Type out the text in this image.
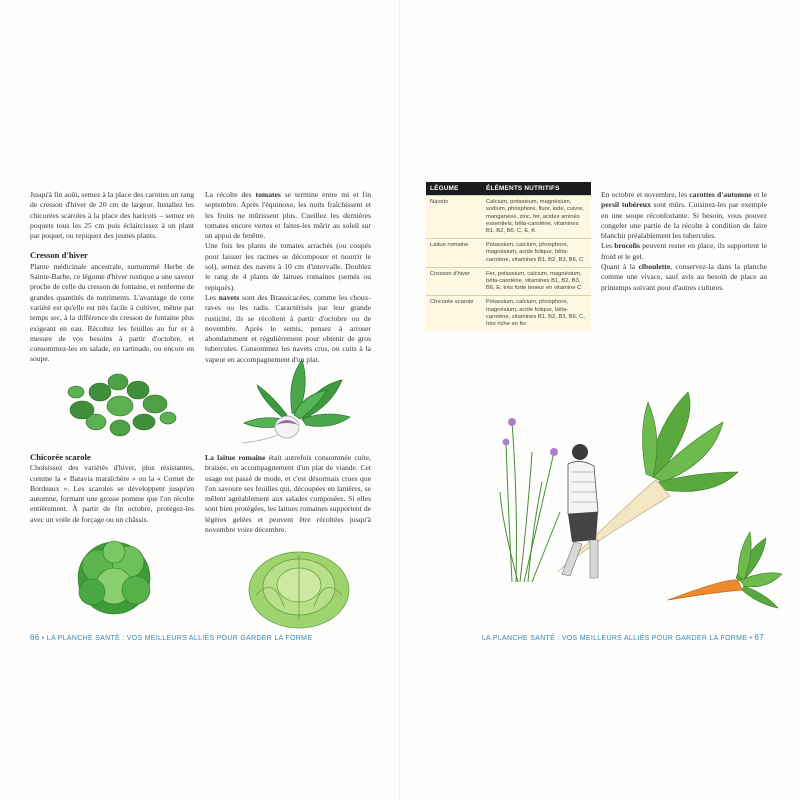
Jusqu'à fin août, semez à la place des carottes un rang de cresson d'hiver de 20 cm de largeur. Installez les chicorées scaroles à la place des haricots – semez en poquets tous les 25 cm puis éclaircissez à un plant par poquet, ou repiquez des jeunes plants.

Cresson d'hiver

Plante médicinale ancestrale, surnommé Herbe de Sainte-Barbe, ce légume d'hiver rustique a une saveur proche de celle du cresson de fontaine, et renferme de grandes quantités de nutriments. L'avantage de cette variété est qu'elle est très facile à cultiver, même par temps sec, à la différence du cresson de fontaine plus exigeant en eau. Récoltez les feuilles au fur et à mesure de vos besoins à partir d'octobre, et consommez-les en salade, en tartinade, ou encore en soupe.

La récolte des tomates se termine entre mi et fin septembre. Après l'équinoxe, les nuits fraîchissent et les fruits ne mûrissent plus. Cueillez les dernières tomates encore vertes et faites-les mûrir au soleil sur un appui de fenêtre.

Une fois les plants de tomates arrachés (ou coupés pour laisser les racines se décomposer et nourrir le sol), semez des navets à 10 cm d'intervalle. Doublez le rang de 4 plants de laitues romaines (semés ou repiqués).

Les navets sont des Brassicacées, comme les choux-raves ou les radis. Caractérisés par leur grande rusticité, ils se récoltent à partir d'octobre ou de novembre. Après le semis, pensez à arroser abondamment et régulièrement pour obtenir de gros tubercules. Consommez les navets crus, ou cuits à la vapeur en accompagnement d'un plat.

Chicorée scarole

Choisissez des variétés d'hiver, plus résistantes, comme la « Batavia maraîchère » ou la « Cornet de Bordeaux ». Les scaroles se développent jusqu'en automne, formant une grosse pomme que l'on récolte entièrement. À partir de fin octobre, protégez-les avec un voile de forçage ou un châssis.

La laitue romaine était autrefois consommée cuite, braisée, en accompagnement d'un plat de viande. Cet usage est passé de mode, et c'est désormais crues que l'on savoure ses feuilles qui, découpées en lanières, se mêlent agréablement aux salades composées. Si elles sont bien protégées, les laitues romaines supportent de légères gelées et peuvent être récoltées jusqu'à novembre voire décembre.

66 • LA PLANCHE SANTÉ : VOS MEILLEURS ALLIÉS POUR GARDER LA FORME
LÉGUME	ÉLÉMENTS NUTRITIFS
Navets	Calcium, potassium, magnésium, sodium, phosphore, fluor, iode, cuivre, manganèse, zinc, fer, acides aminés essentiels, bêta-carotène, vitamines B1, B2, B6, C, E, K
Laitue romaine	Potassium, calcium, phosphore, magnésium, acide folique, bêta-carotène, vitamines B1, B2, B3, B6, C
Cresson d'hiver	Fer, potassium, calcium, magnésium, bêta-carotène, vitamines B1, B2, B3, B6, E, très forte teneur en vitamine C
Chicorée scarole	Potassium, calcium, phosphore, magnésium, acide folique, bêta-carotène, vitamines B1, B2, B3, B6, C, très riche en fer

En octobre et novembre, les carottes d'automne et le persil tubéreux sont mûrs. Cuisinez-les par exemple en une soupe réconfortante. Si besoin, vous pouvez congeler une partie de la récolte à condition de faire blanchir préalablement les tubercules.

Les brocolis peuvent rester en place, ils supportent le froid et le gel.

Quant à la ciboulette, conservez-la dans la planche comme une vivace, sauf avis au besoin de place au printemps suivant pour d'autres cultures.

LA PLANCHE SANTÉ : VOS MEILLEURS ALLIÉS POUR GARDER LA FORME • 67
